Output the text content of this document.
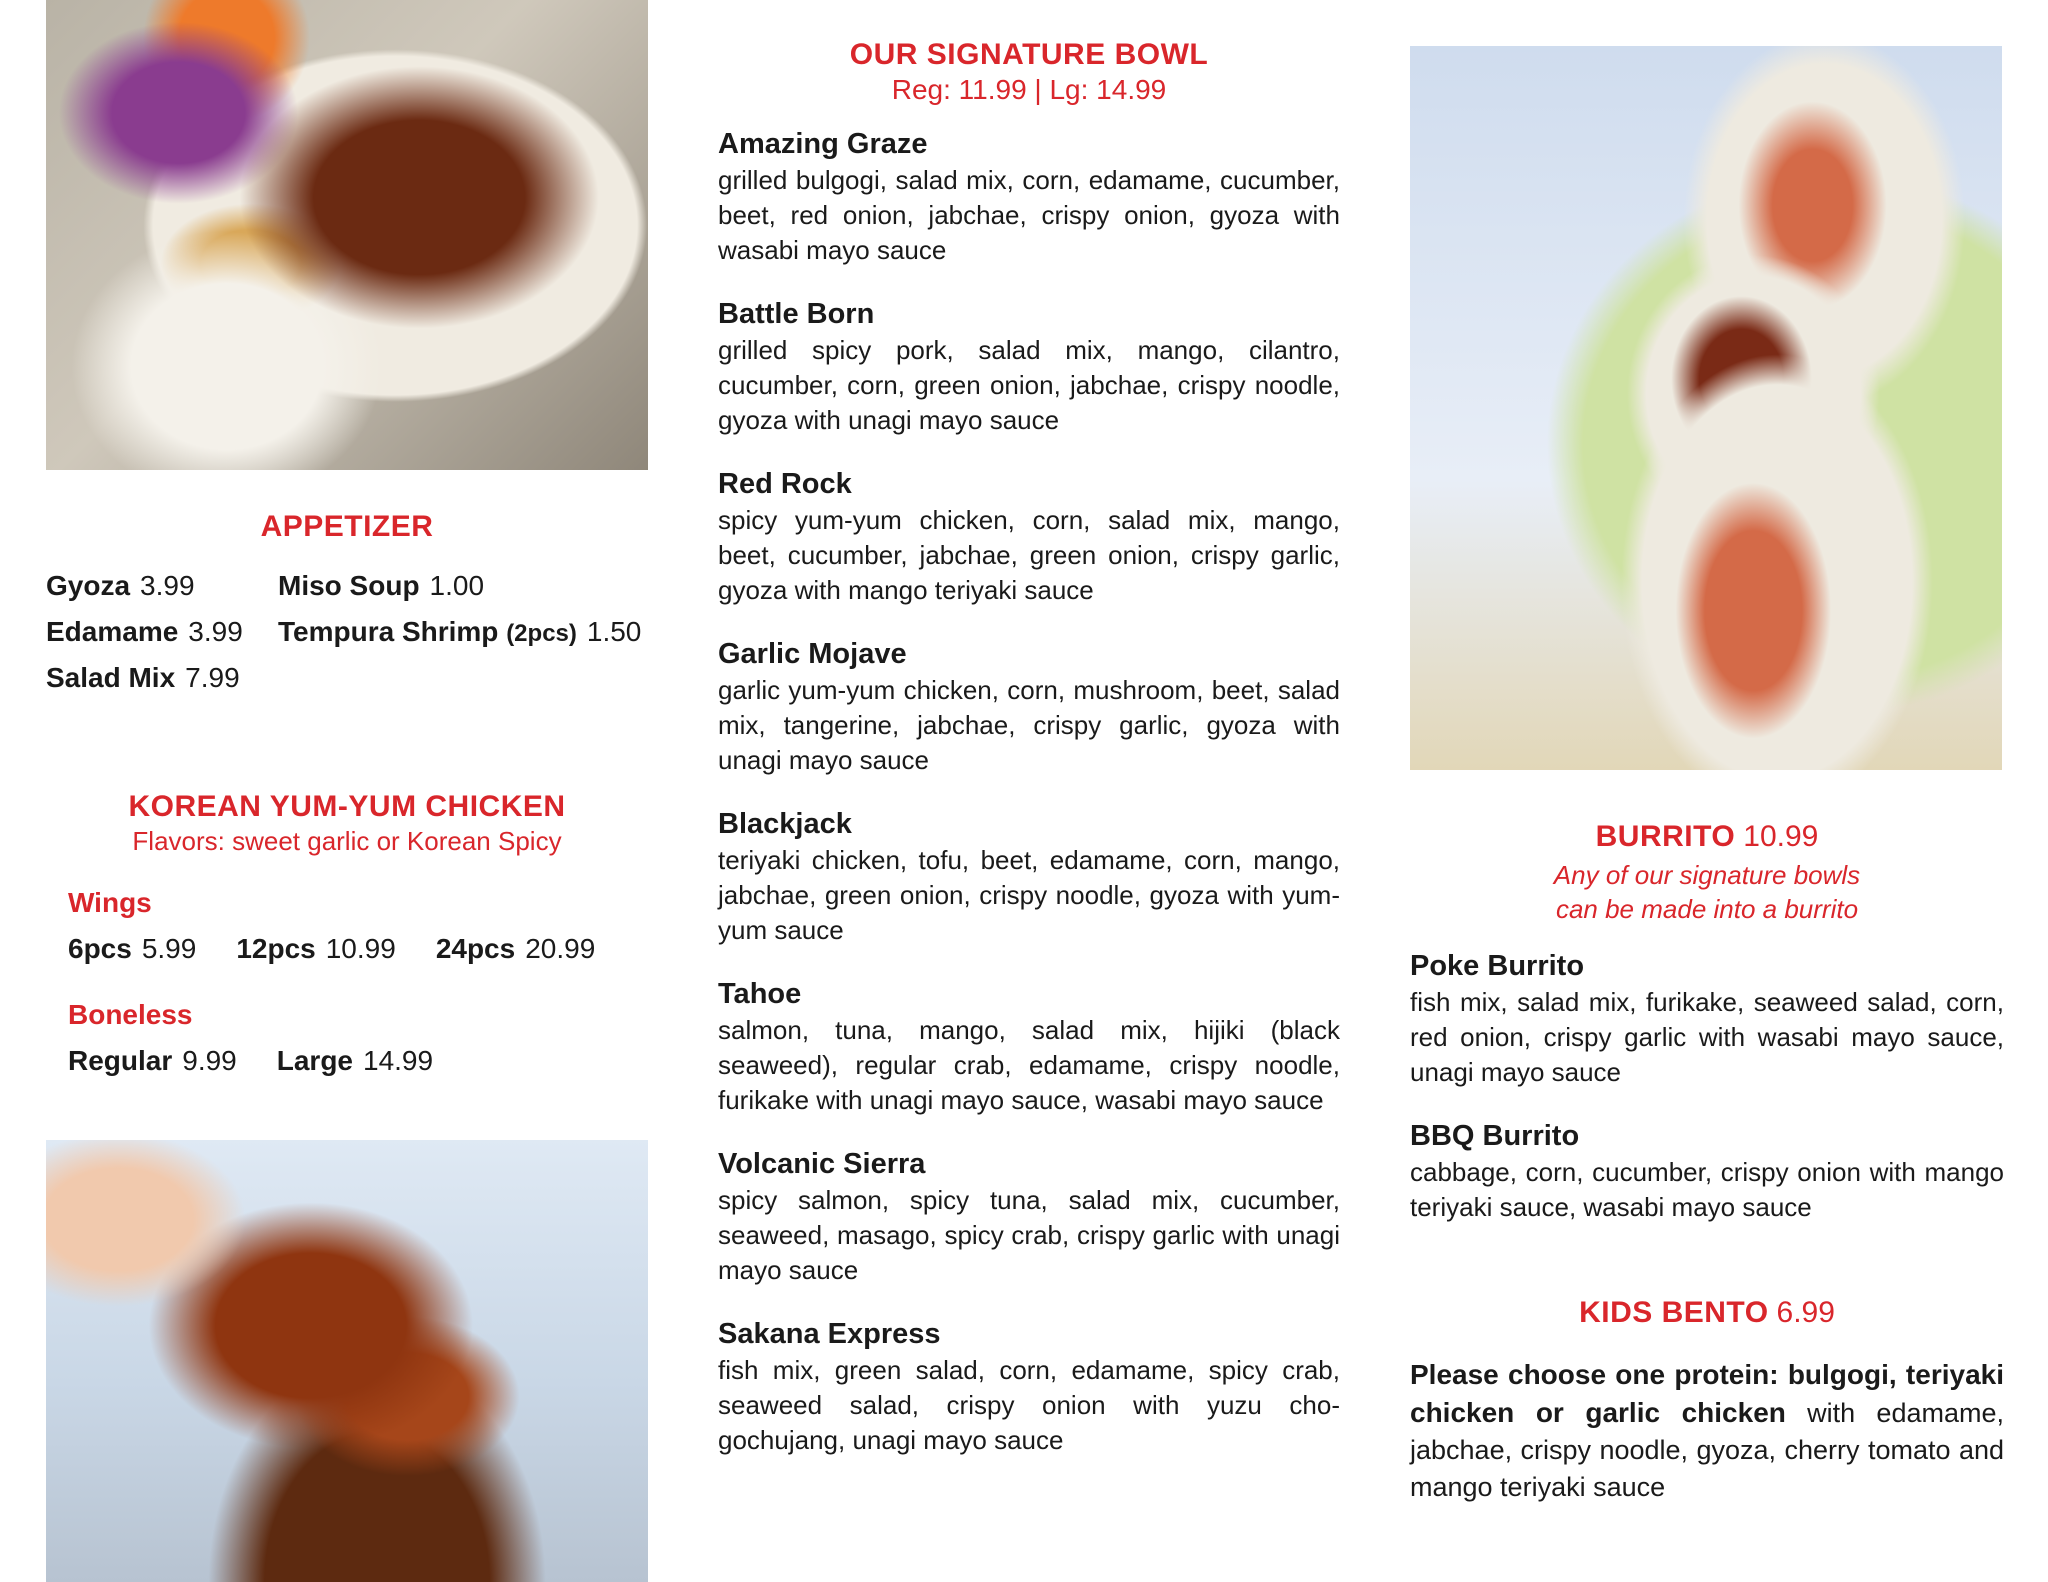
APPETIZER
Gyoza 3.99	Miso Soup 1.00
Edamame 3.99	Tempura Shrimp (2pcs) 1.50
Salad Mix 7.99
KOREAN YUM-YUM CHICKEN

Flavors: sweet garlic or Korean Spicy

Wings

6pcs 5.99 12pcs 10.99 24pcs 20.99

Boneless

Regular 9.99 Large 14.99
OUR SIGNATURE BOWL
Reg: 11.99 | Lg: 14.99

Amazing Graze

grilled bulgogi, salad mix, corn, edamame, cucumber, beet, red onion, jabchae, crispy onion, gyoza with wasabi mayo sauce

Battle Born

grilled spicy pork, salad mix, mango, cilantro, cucumber, corn, green onion, jabchae, crispy noodle, gyoza with unagi mayo sauce

Red Rock

spicy yum-yum chicken, corn, salad mix, mango, beet, cucumber, jabchae, green onion, crispy garlic, gyoza with mango teriyaki sauce

Garlic Mojave

garlic yum-yum chicken, corn, mushroom, beet, salad mix, tangerine, jabchae, crispy garlic, gyoza with unagi mayo sauce

Blackjack

teriyaki chicken, tofu, beet, edamame, corn, mango, jabchae, green onion, crispy noodle, gyoza with yum-yum sauce

Tahoe

salmon, tuna, mango, salad mix, hijiki (black seaweed), regular crab, edamame, crispy noodle, furikake with unagi mayo sauce, wasabi mayo sauce

Volcanic Sierra

spicy salmon, spicy tuna, salad mix, cucumber, seaweed, masago, spicy crab, crispy garlic with unagi mayo sauce

Sakana Express

fish mix, green salad, corn, edamame, spicy crab, seaweed salad, crispy onion with yuzu cho-gochujang, unagi mayo sauce

BURRITO 10.99

Any of our signature bowls
can be made into a burrito

Poke Burrito

fish mix, salad mix, furikake, seaweed salad, corn, red onion, crispy garlic with wasabi mayo sauce, unagi mayo sauce

BBQ Burrito

cabbage, corn, cucumber, crispy onion with mango teriyaki sauce, wasabi mayo sauce

KIDS BENTO 6.99

Please choose one protein: bulgogi, teriyaki chicken or garlic chicken with edamame, jabchae, crispy noodle, gyoza, cherry tomato and mango teriyaki sauce
